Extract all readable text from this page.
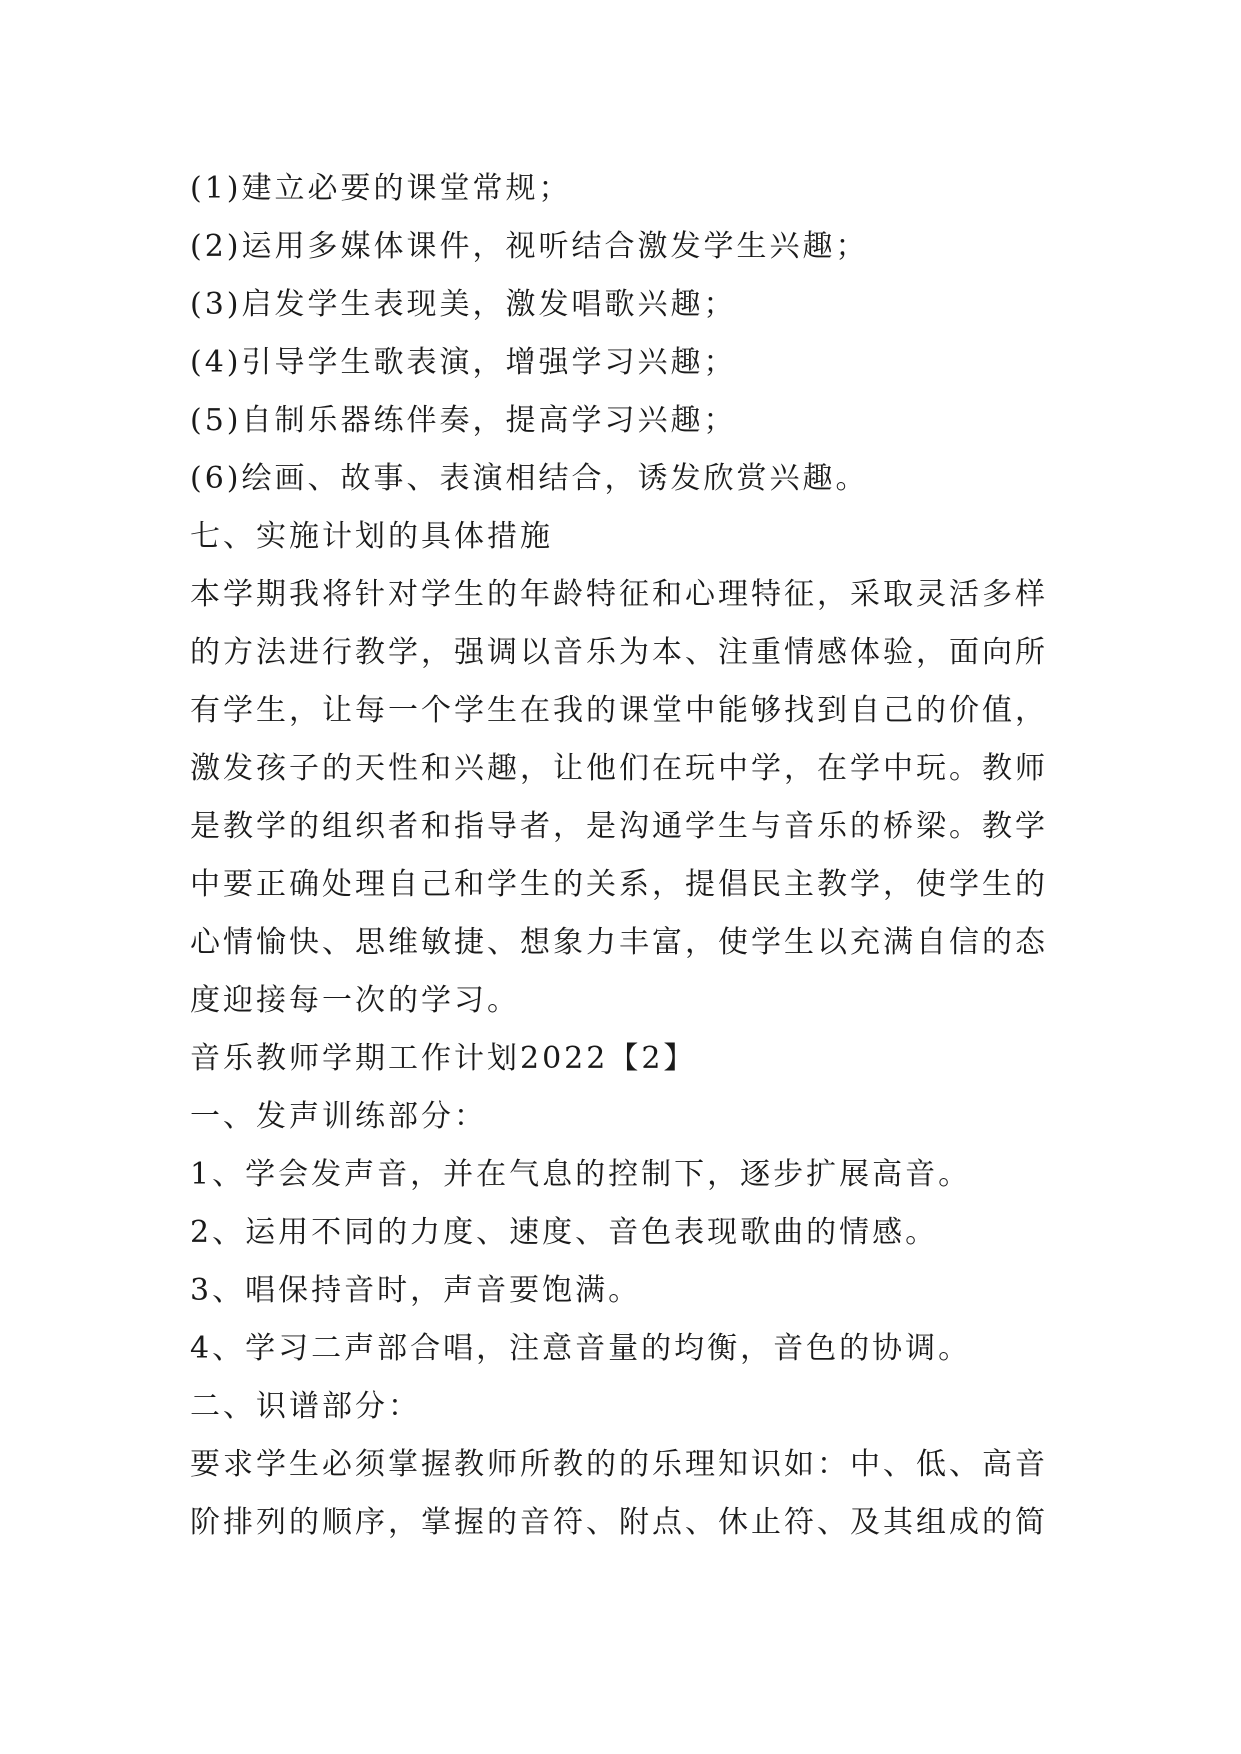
(1)建立必要的课堂常规；

(2)运用多媒体课件，视听结合激发学生兴趣；

(3)启发学生表现美，激发唱歌兴趣；

(4)引导学生歌表演，增强学习兴趣；

(5)自制乐器练伴奏，提高学习兴趣；

(6)绘画、故事、表演相结合，诱发欣赏兴趣。

七、实施计划的具体措施

本学期我将针对学生的年龄特征和心理特征，采取灵活多样

的方法进行教学，强调以音乐为本、注重情感体验，面向所

有学生，让每一个学生在我的课堂中能够找到自己的价值，

激发孩子的天性和兴趣，让他们在玩中学，在学中玩。教师

是教学的组织者和指导者，是沟通学生与音乐的桥梁。教学

中要正确处理自己和学生的关系，提倡民主教学，使学生的

心情愉快、思维敏捷、想象力丰富，使学生以充满自信的态

度迎接每一次的学习。

音乐教师学期工作计划2022【2】

一、发声训练部分：

1、学会发声音，并在气息的控制下，逐步扩展高音。

2、运用不同的力度、速度、音色表现歌曲的情感。

3、唱保持音时，声音要饱满。

4、学习二声部合唱，注意音量的均衡，音色的协调。

二、识谱部分：

要求学生必须掌握教师所教的的乐理知识如：中、低、高音

阶排列的顺序，掌握的音符、附点、休止符、及其组成的简
